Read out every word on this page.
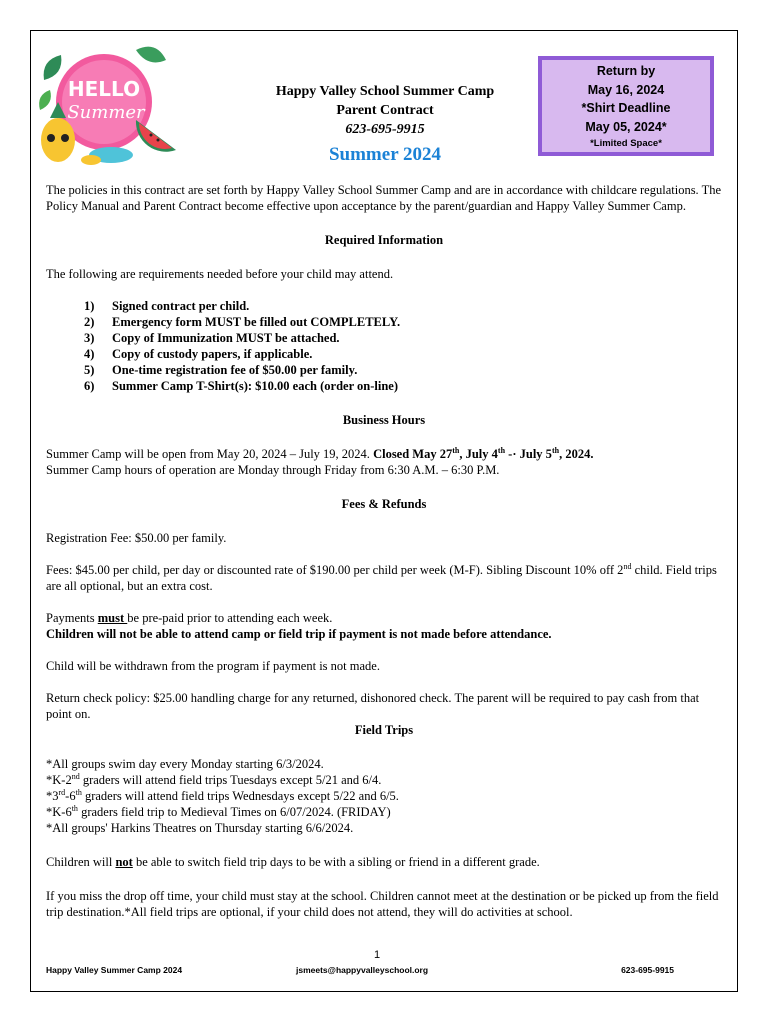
HELLO
Summer
Happy Valley School Summer Camp
Parent Contract
623-695-9915
Summer 2024
Return by
May 16, 2024
*Shirt Deadline
May 05, 2024*
*Limited Space*

The policies in this contract are set forth by Happy Valley School Summer Camp and are in accordance with childcare regulations. The Policy Manual and Parent Contract become effective upon acceptance by the parent/guardian and Happy Valley Summer Camp.

Required Information

The following are requirements needed before your child may attend.

1)	Signed contract per child.
2)	Emergency form MUST be filled out COMPLETELY.
3)	Copy of Immunization MUST be attached.
4)	Copy of custody papers, if applicable.
5)	One-time registration fee of $50.00 per family.
6)	Summer Camp T-Shirt(s): $10.00 each (order on-line)

Business Hours

Summer Camp will be open from May 20, 2024 – July 19, 2024. Closed May 27th, July 4th -· July 5th, 2024.
Summer Camp hours of operation are Monday through Friday from 6:30 A.M. – 6:30 P.M.

Fees & Refunds

Registration Fee: $50.00 per family.

Fees: $45.00 per child, per day or discounted rate of $190.00 per child per week (M-F). Sibling Discount 10% off 2nd child. Field trips are all optional, but an extra cost.

Payments must be pre-paid prior to attending each week.
Children will not be able to attend camp or field trip if payment is not made before attendance.

Child will be withdrawn from the program if payment is not made.

Return check policy: $25.00 handling charge for any returned, dishonored check. The parent will be required to pay cash from that point on.

Field Trips

*All groups swim day every Monday starting 6/3/2024.
*K-2nd graders will attend field trips Tuesdays except 5/21 and 6/4.
*3rd-6th graders will attend field trips Wednesdays except 5/22 and 6/5.
*K-6th graders field trip to Medieval Times on 6/07/2024. (FRIDAY)
*All groups' Harkins Theatres on Thursday starting 6/6/2024.

Children will not be able to switch field trip days to be with a sibling or friend in a different grade.

If you miss the drop off time, your child must stay at the school. Children cannot meet at the destination or be picked up from the field trip destination.*All field trips are optional, if your child does not attend, they will do activities at school.

1
Happy Valley Summer Camp 2024	jsmeets@happyvalleyschool.org	623-695-9915
